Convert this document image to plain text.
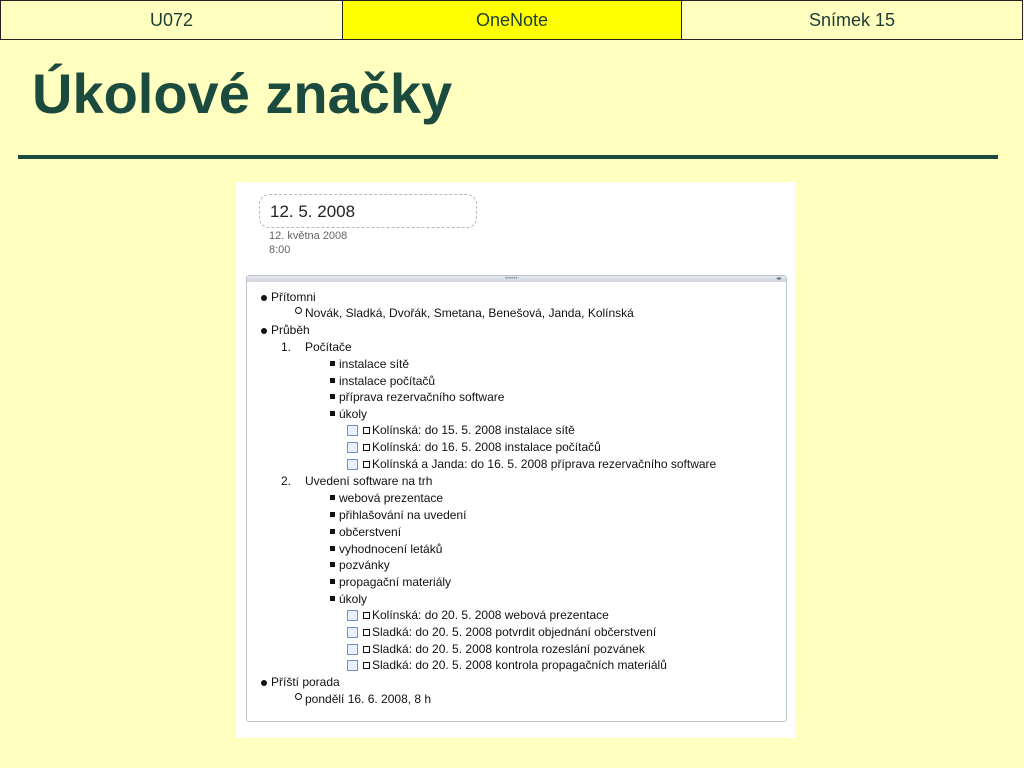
U072	OneNote	Snímek 15
Úkolové značky
12. 5. 2008
12. května 2008
8:00
••••••	◂▸
Přítomni
Novák, Sladká, Dvořák, Smetana, Benešová, Janda, Kolínská
Průběh
1. Počítače
instalace sítě
instalace počítačů
příprava rezervačního software
úkoly
Kolínská: do 15. 5. 2008 instalace sítě
Kolínská: do 16. 5. 2008 instalace počítačů
Kolínská a Janda: do 16. 5. 2008 příprava rezervačního software
2. Uvedení software na trh
webová prezentace
přihlašování na uvedení
občerstvení
vyhodnocení letáků
pozvánky
propagační materiály
úkoly
Kolínská: do 20. 5. 2008 webová prezentace
Sladká: do 20. 5. 2008 potvrdit objednání občerstvení
Sladká: do 20. 5. 2008 kontrola rozeslání pozvánek
Sladká: do 20. 5. 2008 kontrola propagačních materiálů
Příští porada
pondělí 16. 6. 2008, 8 h
